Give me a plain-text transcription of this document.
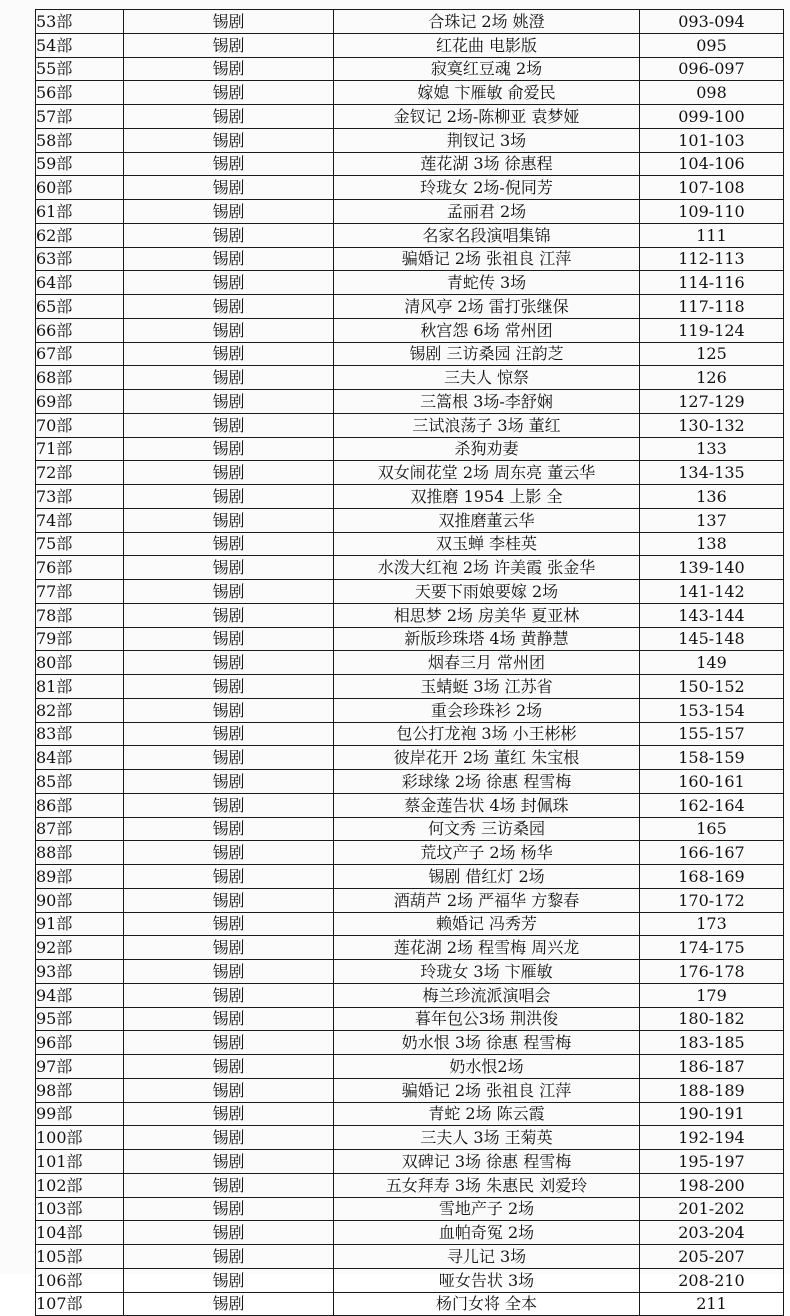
53部	锡剧	合珠记 2场 姚澄	093-094
54部	锡剧	红花曲 电影版	095
55部	锡剧	寂寞红豆魂 2场	096-097
56部	锡剧	嫁媳 卞雁敏 俞爱民	098
57部	锡剧	金钗记 2场-陈柳亚 袁梦娅	099-100
58部	锡剧	荆钗记 3场	101-103
59部	锡剧	莲花湖 3场 徐惠程	104-106
60部	锡剧	玲珑女 2场-倪同芳	107-108
61部	锡剧	孟丽君 2场	109-110
62部	锡剧	名家名段演唱集锦	111
63部	锡剧	骗婚记 2场 张祖良 江萍	112-113
64部	锡剧	青蛇传 3场	114-116
65部	锡剧	清风亭 2场 雷打张继保	117-118
66部	锡剧	秋宫怨 6场 常州团	119-124
67部	锡剧	锡剧 三访桑园 汪韵芝	125
68部	锡剧	三夫人 惊祭	126
69部	锡剧	三篙根 3场-李舒娴	127-129
70部	锡剧	三试浪荡子 3场 董红	130-132
71部	锡剧	杀狗劝妻	133
72部	锡剧	双女闹花堂 2场 周东亮 董云华	134-135
73部	锡剧	双推磨 1954 上影 全	136
74部	锡剧	双推磨董云华	137
75部	锡剧	双玉蝉 李桂英	138
76部	锡剧	水泼大红袍 2场 许美霞 张金华	139-140
77部	锡剧	天要下雨娘要嫁 2场	141-142
78部	锡剧	相思梦 2场 房美华 夏亚林	143-144
79部	锡剧	新版珍珠塔 4场 黄静慧	145-148
80部	锡剧	烟春三月 常州团	149
81部	锡剧	玉蜻蜓 3场 江苏省	150-152
82部	锡剧	重会珍珠衫 2场	153-154
83部	锡剧	包公打龙袍 3场 小王彬彬	155-157
84部	锡剧	彼岸花开 2场 董红 朱宝根	158-159
85部	锡剧	彩球缘 2场 徐惠 程雪梅	160-161
86部	锡剧	蔡金莲告状 4场 封佩珠	162-164
87部	锡剧	何文秀 三访桑园	165
88部	锡剧	荒坟产子 2场 杨华	166-167
89部	锡剧	锡剧 借红灯 2场	168-169
90部	锡剧	酒葫芦 2场 严福华 方黎春	170-172
91部	锡剧	赖婚记 冯秀芳	173
92部	锡剧	莲花湖 2场 程雪梅 周兴龙	174-175
93部	锡剧	玲珑女 3场 卞雁敏	176-178
94部	锡剧	梅兰珍流派演唱会	179
95部	锡剧	暮年包公3场 荆洪俊	180-182
96部	锡剧	奶水恨 3场 徐惠 程雪梅	183-185
97部	锡剧	奶水恨2场	186-187
98部	锡剧	骗婚记 2场 张祖良 江萍	188-189
99部	锡剧	青蛇 2场 陈云霞	190-191
100部	锡剧	三夫人 3场 王菊英	192-194
101部	锡剧	双碑记 3场 徐惠 程雪梅	195-197
102部	锡剧	五女拜寿 3场 朱惠民 刘爱玲	198-200
103部	锡剧	雪地产子 2场	201-202
104部	锡剧	血帕奇冤 2场	203-204
105部	锡剧	寻儿记 3场	205-207
106部	锡剧	哑女告状 3场	208-210
107部	锡剧	杨门女将 全本	211
